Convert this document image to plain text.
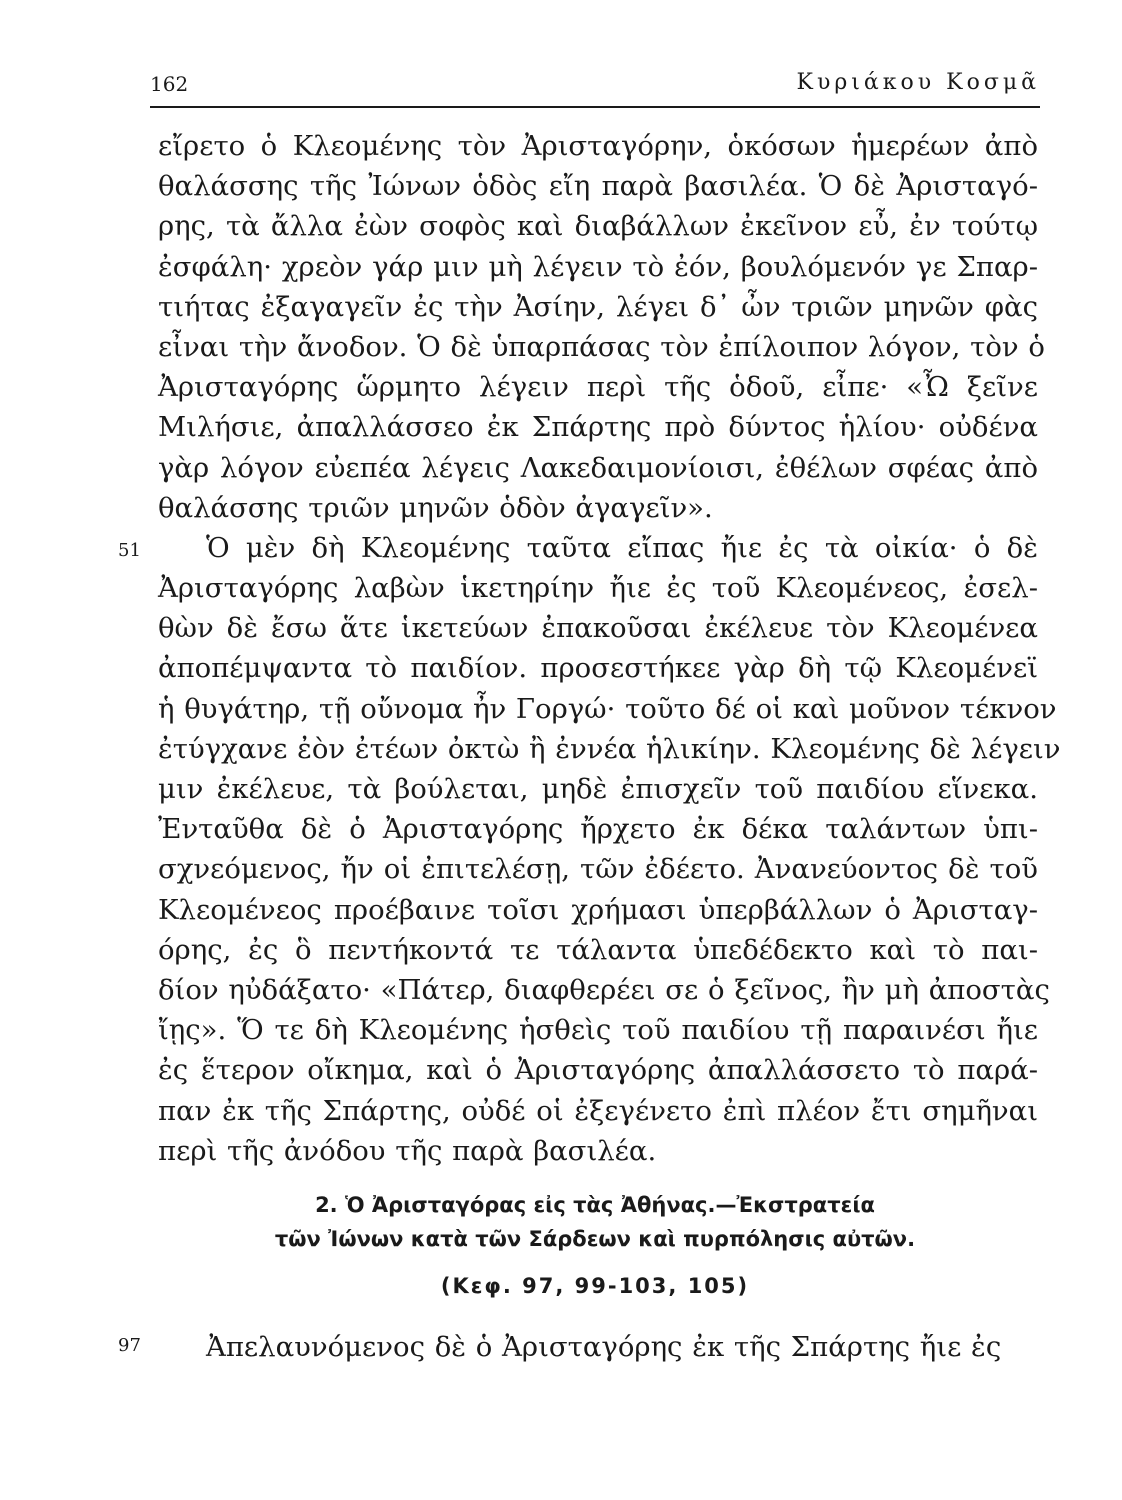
162	Κυριάκου Κοσμᾶ
εἴρετο ὁ Κλεομένης τὸν Ἀρισταγόρην, ὁκόσων ἡμερέων ἀπὸ
θαλάσσης τῆς Ἰώνων ὁδὸς εἴη παρὰ βασιλέα. Ὁ δὲ Ἀρισταγό-
ρης, τὰ ἄλλα ἐὼν σοφὸς καὶ διαβάλλων ἐκεῖνον εὖ, ἐν τούτῳ
ἐσφάλη· χρεὸν γάρ μιν μὴ λέγειν τὸ ἐόν, βουλόμενόν γε Σπαρ-
τιήτας ἐξαγαγεῖν ἐς τὴν Ἀσίην, λέγει δ᾽ ὦν τριῶν μηνῶν φὰς
εἶναι τὴν ἄνοδον. Ὁ δὲ ὑπαρπάσας τὸν ἐπίλοιπον λόγον, τὸν ὁ
Ἀρισταγόρης ὥρμητο λέγειν περὶ τῆς ὁδοῦ, εἶπε· «Ὦ ξεῖνε
Μιλήσιε, ἀπαλλάσσεο ἐκ Σπάρτης πρὸ δύντος ἡλίου· οὐδένα
γὰρ λόγον εὐεπέα λέγεις Λακεδαιμονίοισι, ἐθέλων σφέας ἀπὸ
θαλάσσης τριῶν μηνῶν ὁδὸν ἀγαγεῖν».
Ὁ μὲν δὴ Κλεομένης ταῦτα εἴπας ἤιε ἐς τὰ οἰκία· ὁ δὲ
Ἀρισταγόρης λαβὼν ἱκετηρίην ἤιε ἐς τοῦ Κλεομένεος, ἐσελ-
θὼν δὲ ἔσω ἅτε ἱκετεύων ἐπακοῦσαι ἐκέλευε τὸν Κλεομένεα
ἀποπέμψαντα τὸ παιδίον. προσεστήκεε γὰρ δὴ τῷ Κλεομένεϊ
ἡ θυγάτηρ, τῇ οὔνομα ἦν Γοργώ· τοῦτο δέ οἱ καὶ μοῦνον τέκνον
ἐτύγχανε ἐὸν ἐτέων ὀκτὼ ἢ ἐννέα ἡλικίην. Κλεομένης δὲ λέγειν
μιν ἐκέλευε, τὰ βούλεται, μηδὲ ἐπισχεῖν τοῦ παιδίου εἵνεκα.
Ἐνταῦθα δὲ ὁ Ἀρισταγόρης ἤρχετο ἐκ δέκα ταλάντων ὑπι-
σχνεόμενος, ἤν οἱ ἐπιτελέσῃ, τῶν ἐδέετο. Ἀνανεύοντος δὲ τοῦ
Κλεομένεος προέβαινε τοῖσι χρήμασι ὑπερβάλλων ὁ Ἀρισταγ-
όρης, ἐς ὃ πεντήκοντά τε τάλαντα ὑπεδέδεκτο καὶ τὸ παι-
δίον ηὐδάξατο· «Πάτερ, διαφθερέει σε ὁ ξεῖνος, ἢν μὴ ἀποστὰς
ἴῃς». Ὅ τε δὴ Κλεομένης ἡσθεὶς τοῦ παιδίου τῇ παραινέσι ἤιε
ἐς ἕτερον οἴκημα, καὶ ὁ Ἀρισταγόρης ἀπαλλάσσετο τὸ παρά-
παν ἐκ τῆς Σπάρτης, οὐδέ οἱ ἐξεγένετο ἐπὶ πλέον ἔτι σημῆναι
περὶ τῆς ἀνόδου τῆς παρὰ βασιλέα.
51
2. Ὁ Ἀρισταγόρας εἰς τὰς Ἀθήνας.—Ἐκστρατεία
τῶν Ἰώνων κατὰ τῶν Σάρδεων καὶ πυρπόλησις αὐτῶν.
(Κεφ. 97, 99-103, 105)
97	Ἀπελαυνόμενος δὲ ὁ Ἀρισταγόρης ἐκ τῆς Σπάρτης ἤιε ἐς
